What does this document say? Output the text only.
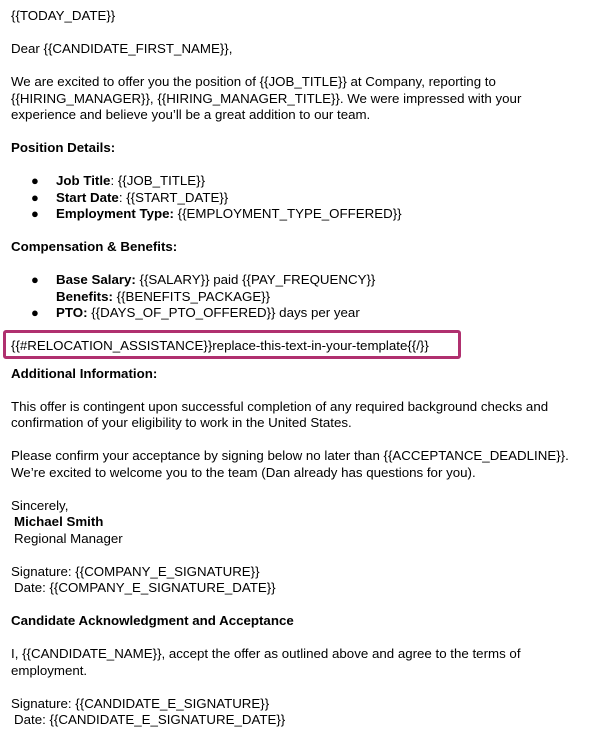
{{TODAY_DATE}}

Dear {{CANDIDATE_FIRST_NAME}},

We are excited to offer you the position of {{JOB_TITLE}} at Company, reporting to

{{HIRING_MANAGER}}, {{HIRING_MANAGER_TITLE}}. We were impressed with your

experience and believe you’ll be a great addition to our team.

Position Details:

● Job Title: {{JOB_TITLE}}
● Start Date: {{START_DATE}}
● Employment Type: {{EMPLOYMENT_TYPE_OFFERED}}

Compensation & Benefits:

● Base Salary: {{SALARY}} paid {{PAY_FREQUENCY}}
Benefits: {{BENEFITS_PACKAGE}}
● PTO: {{DAYS_OF_PTO_OFFERED}} days per year
{{#RELOCATION_ASSISTANCE}}replace-this-text-in-your-template{{/}}

Additional Information:

This offer is contingent upon successful completion of any required background checks and

confirmation of your eligibility to work in the United States.

Please confirm your acceptance by signing below no later than {{ACCEPTANCE_DEADLINE}}.

We’re excited to welcome you to the team (Dan already has questions for you).

Sincerely,

Michael Smith

Regional Manager

Signature: {{COMPANY_E_SIGNATURE}}

Date: {{COMPANY_E_SIGNATURE_DATE}}

Candidate Acknowledgment and Acceptance

I, {{CANDIDATE_NAME}}, accept the offer as outlined above and agree to the terms of

employment.

Signature: {{CANDIDATE_E_SIGNATURE}}

Date: {{CANDIDATE_E_SIGNATURE_DATE}}
